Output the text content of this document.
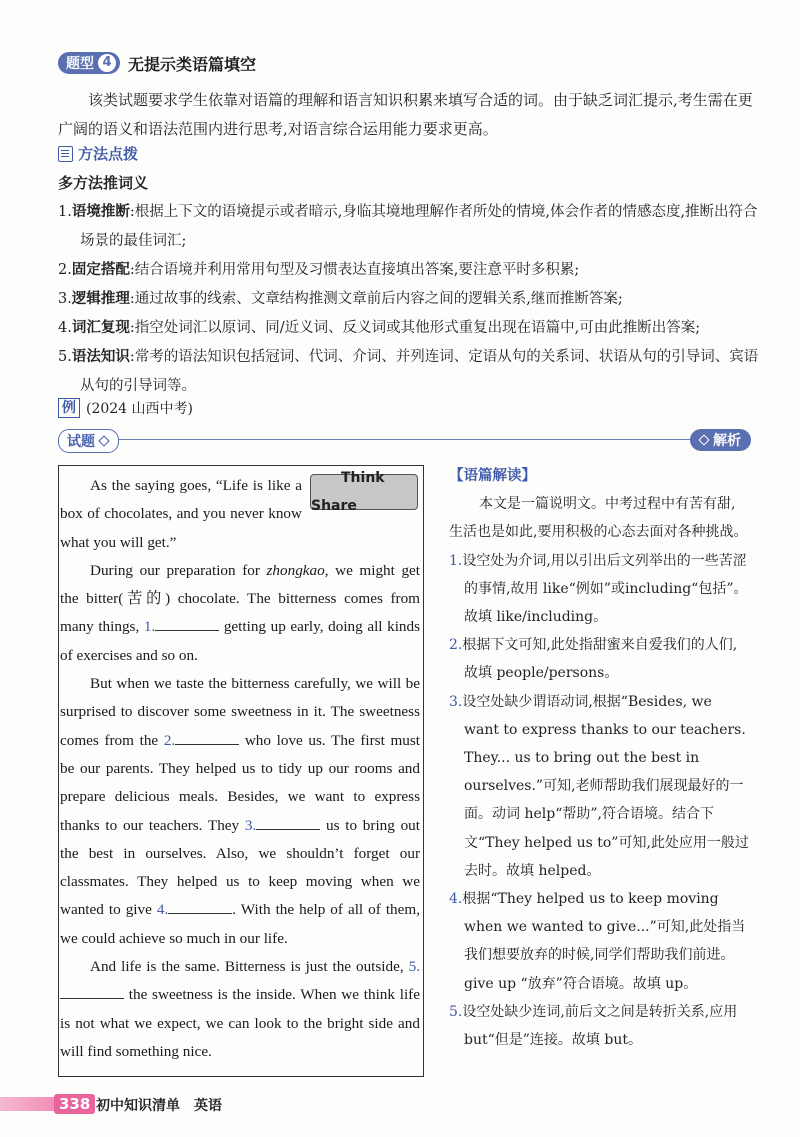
题型 4 无提示类语篇填空
该类试题要求学生依靠对语篇的理解和语言知识积累来填写合适的词。由于缺乏词汇提示,考生需在更广阔的语义和语法范围内进行思考,对语言综合运用能力要求更高。
方法点拨
多方法推词义
1.语境推断:根据上下文的语境提示或者暗示,身临其境地理解作者所处的情境,体会作者的情感态度,推断出符合场景的最佳词汇;
2.固定搭配:结合语境并利用常用句型及习惯表达直接填出答案,要注意平时多积累;
3.逻辑推理:通过故事的线索、文章结构推测文章前后内容之间的逻辑关系,继而推断答案;
4.词汇复现:指空处词汇以原词、同/近义词、反义词或其他形式重复出现在语篇中,可由此推断出答案;
5.语法知识:常考的语法知识包括冠词、代词、介词、并列连词、定语从句的关系词、状语从句的引导词、宾语从句的引导词等。
例 (2024 山西中考)
试题	解析

Think Share
As the saying goes, “Life is like a box of chocolates, and you never know what you will get.”

During our preparation for zhongkao, we might get the bitter(苦的) chocolate. The bitterness comes from many things, 1.	getting up early, doing all kinds of exercises and so on.

But when we taste the bitterness carefully, we will be surprised to discover some sweetness in it. The sweetness comes from the 2.	who love us. The first must be our parents. They helped us to tidy up our rooms and prepare delicious meals. Besides, we want to express thanks to our teachers. They 3.	us to bring out the best in ourselves. Also, we shouldn’t forget our classmates. They helped us to keep moving when we wanted to give 4.	. With the help of all of them, we could achieve so much in our life.

And life is the same. Bitterness is just the outside, 5. the sweetness is the inside. When we think life is not what we expect, we can look to the bright side and will find something nice.

【语篇解读】

本文是一篇说明文。中考过程中有苦有甜,生活也是如此,要用积极的心态去面对各种挑战。

1.设空处为介词,用以引出后文列举出的一些苦涩的事情,故用 like“例如”或including“包括”。故填 like/including。
2.根据下文可知,此处指甜蜜来自爱我们的人们,故填 people/persons。
3.设空处缺少谓语动词,根据“Besides, we want to express thanks to our teachers. They... us to bring out the best in ourselves.”可知,老师帮助我们展现最好的一面。动词 help“帮助”,符合语境。结合下文“They helped us to”可知,此处应用一般过去时。故填 helped。
4.根据“They helped us to keep moving when we wanted to give...”可知,此处指当我们想要放弃的时候,同学们帮助我们前进。give up “放弃”符合语境。故填 up。
5.设空处缺少连词,前后文之间是转折关系,应用 but“但是”连接。故填 but。
338 初中知识清单 英语
